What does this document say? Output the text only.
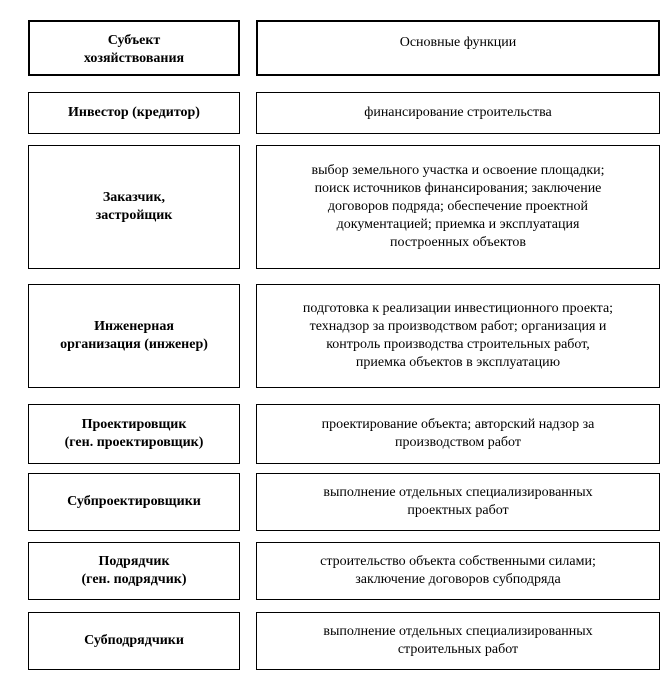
Субъект
хозяйствования
Основные функции
Инвестор (кредитор)	финансирование строительства
Заказчик,
застройщик
выбор земельного участка и освоение площадки;
поиск источников финансирования; заключение
договоров подряда; обеспечение проектной
документацией; приемка и эксплуатация
построенных объектов
Инженерная
организация (инженер)
подготовка к реализации инвестиционного проекта;
технадзор за производством работ; организация и
контроль производства строительных работ,
приемка объектов в эксплуатацию
Проектировщик
(ген. проектировщик)
проектирование объекта; авторский надзор за
производством работ
Субпроектировщики
выполнение отдельных специализированных
проектных работ
Подрядчик
(ген. подрядчик)
строительство объекта собственными силами;
заключение договоров субподряда
Субподрядчики
выполнение отдельных специализированных
строительных работ
